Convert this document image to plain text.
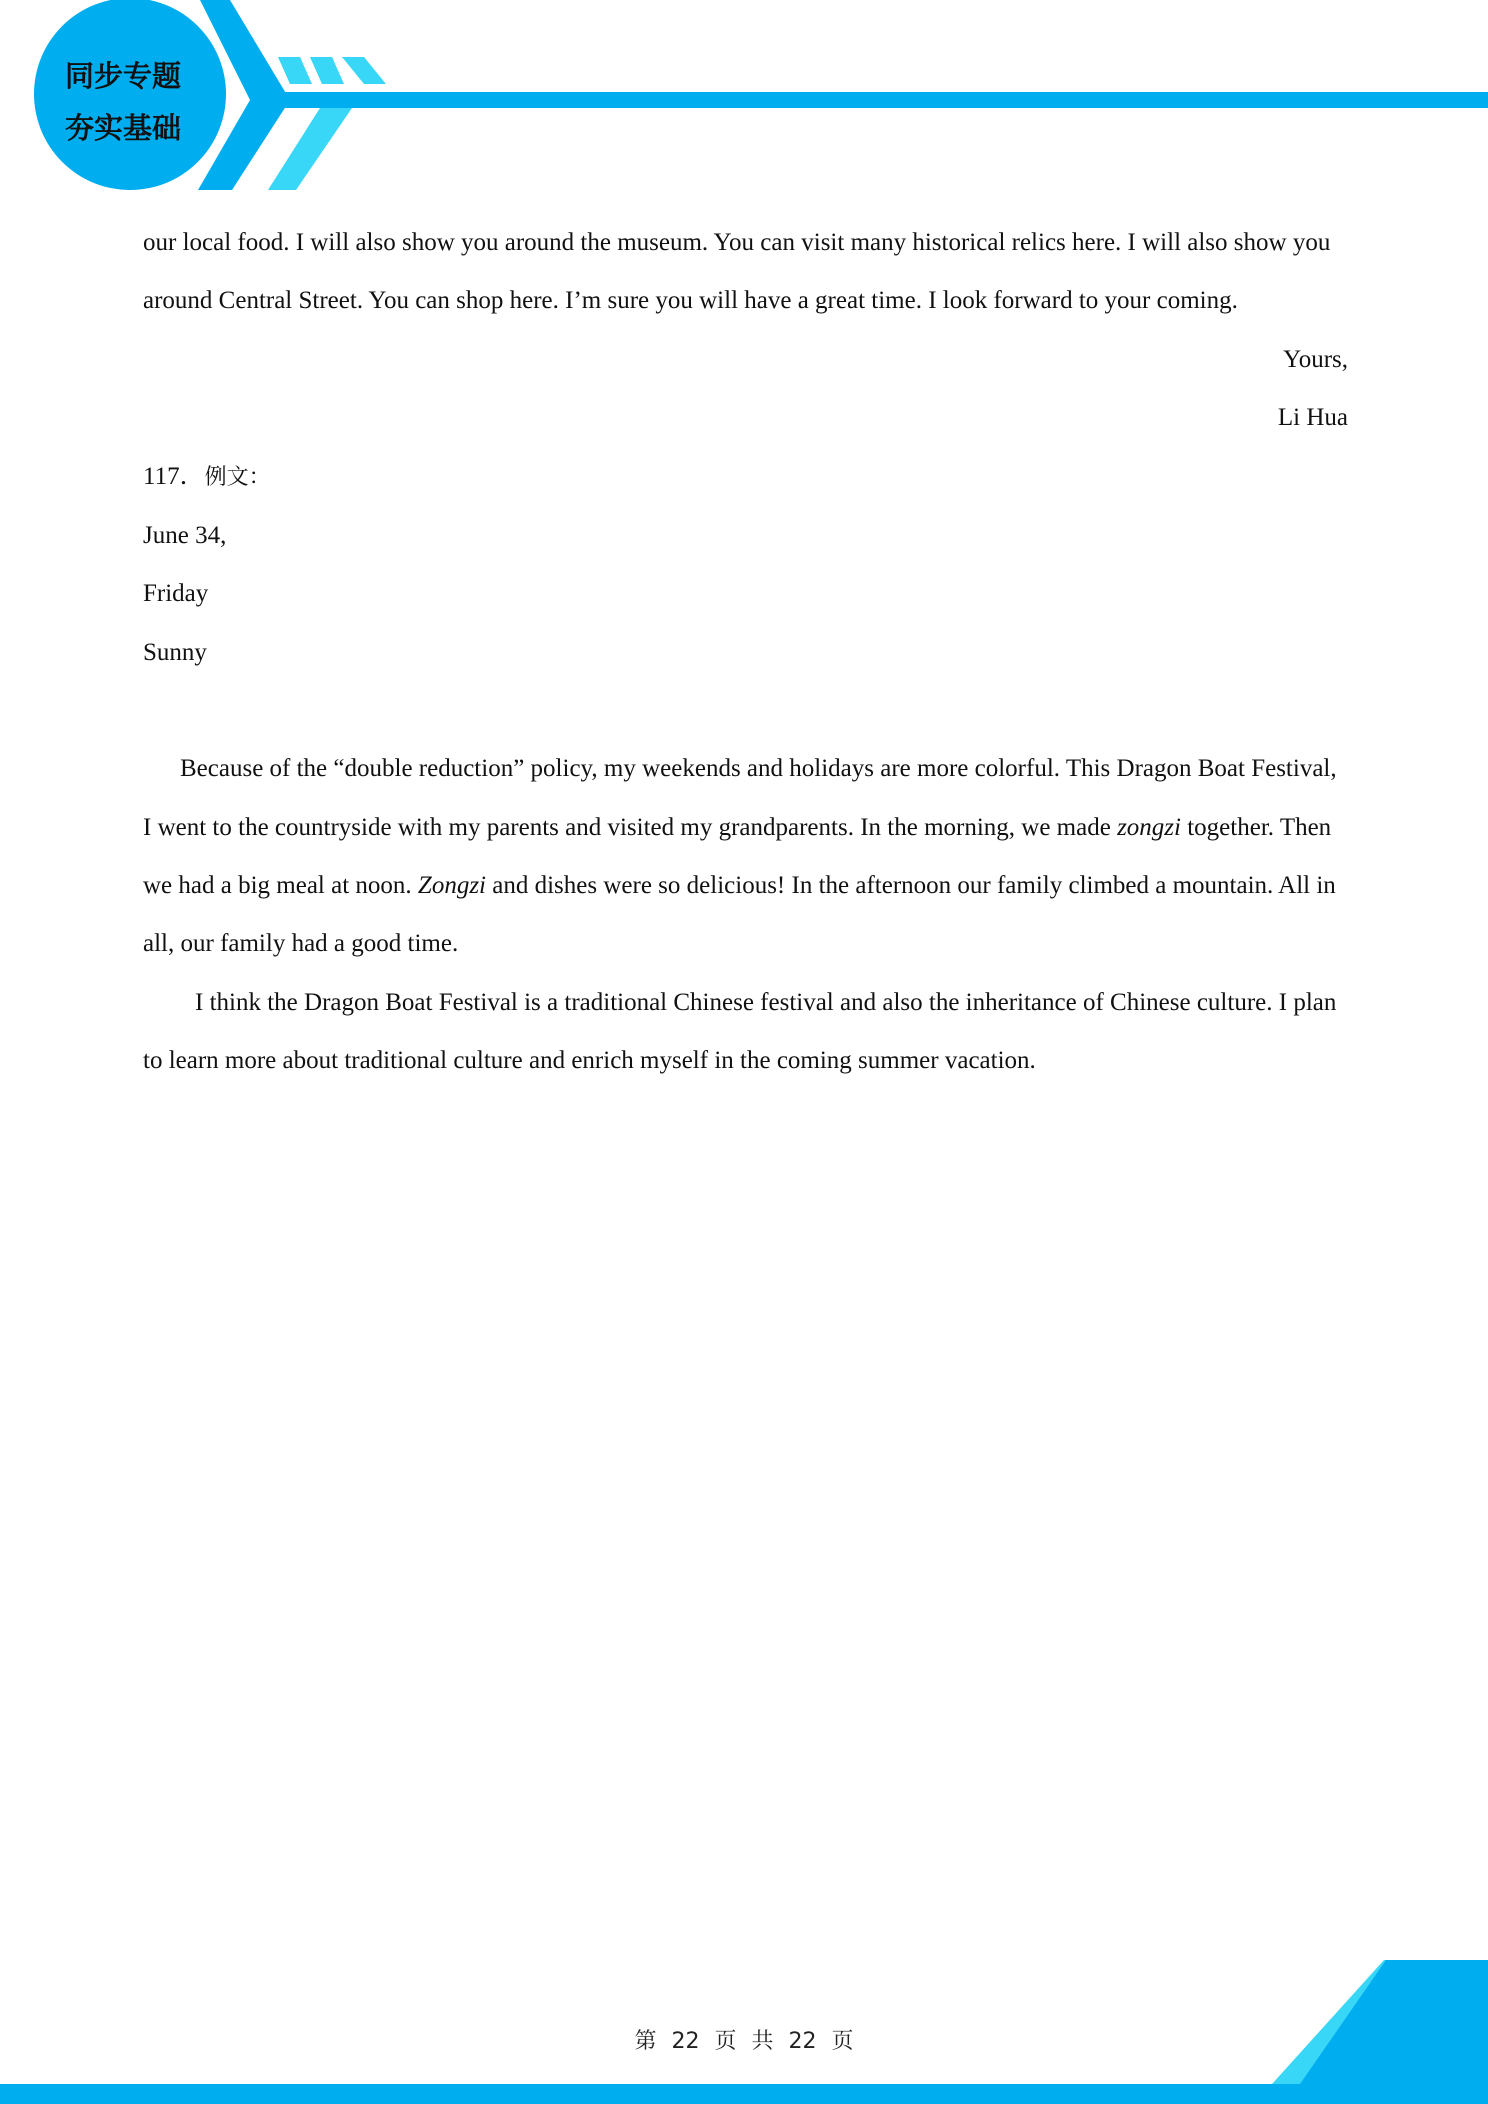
同步专题
夯实基础

our local food. I will also show you around the museum. You can visit many historical relics here. I will also show you around Central Street. You can shop here. I’m sure you will have a great time. I look forward to your coming.

Yours,

Li Hua

117．例文：

June 34,

Friday

Sunny

Because of the “double reduction” policy, my weekends and holidays are more colorful. This Dragon Boat Festival, I went to the countryside with my parents and visited my grandparents. In the morning, we made zongzi together. Then we had a big meal at noon. Zongzi and dishes were so delicious! In the afternoon our family climbed a mountain. All in all, our family had a good time.

I think the Dragon Boat Festival is a traditional Chinese festival and also the inheritance of Chinese culture. I plan to learn more about traditional culture and enrich myself in the coming summer vacation.

第 22 页 共 22 页
